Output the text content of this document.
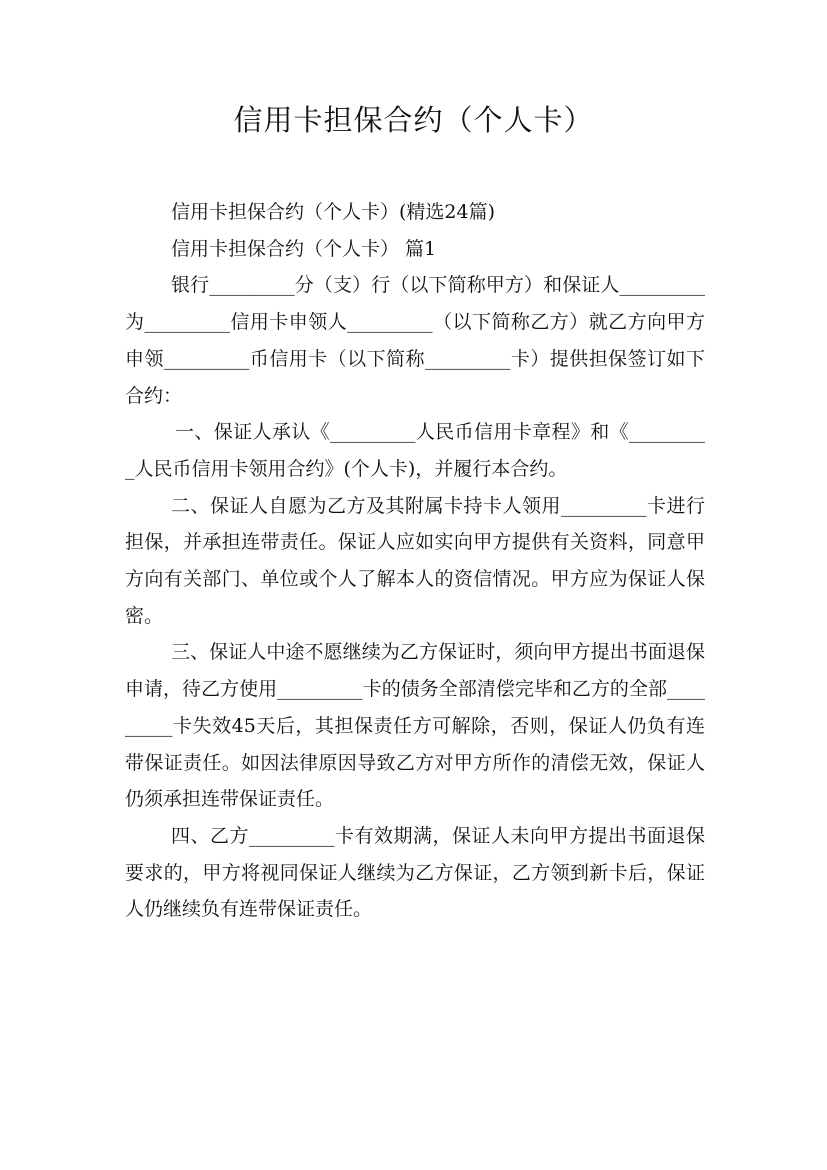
信用卡担保合约（个人卡）

信用卡担保合约（个人卡）(精选24篇)

信用卡担保合约（个人卡） 篇1

银行_________分（支）行（以下简称甲方）和保证人_________为_________信用卡申领人_________（以下简称乙方）就乙方向甲方申领_________币信用卡（以下简称_________卡）提供担保签订如下合约：

一、保证人承认《_________人民币信用卡章程》和《_________人民币信用卡领用合约》(个人卡)，并履行本合约。

二、保证人自愿为乙方及其附属卡持卡人领用_________卡进行担保，并承担连带责任。保证人应如实向甲方提供有关资料，同意甲方向有关部门、单位或个人了解本人的资信情况。甲方应为保证人保密。

三、保证人中途不愿继续为乙方保证时，须向甲方提出书面退保申请，待乙方使用_________卡的债务全部清偿完毕和乙方的全部_________卡失效45天后，其担保责任方可解除，否则，保证人仍负有连带保证责任。如因法律原因导致乙方对甲方所作的清偿无效，保证人仍须承担连带保证责任。

四、乙方_________卡有效期满，保证人未向甲方提出书面退保要求的，甲方将视同保证人继续为乙方保证，乙方领到新卡后，保证人仍继续负有连带保证责任。
